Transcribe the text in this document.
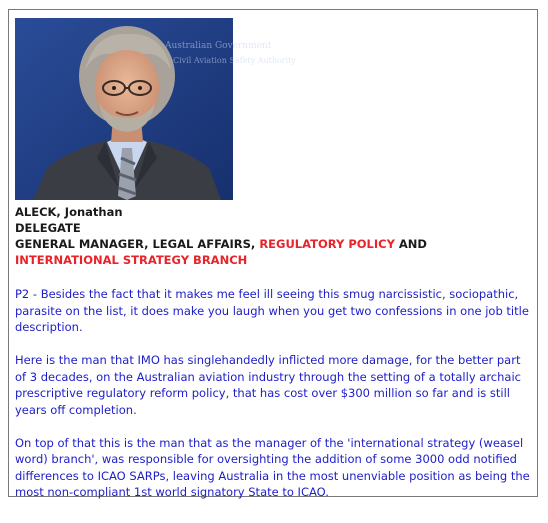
Australian Government
Civil Aviation Safety Authority
ALECK, Jonathan
DELEGATE
GENERAL MANAGER, LEGAL AFFAIRS, REGULATORY POLICY AND
INTERNATIONAL STRATEGY BRANCH

P2 - Besides the fact that it makes me feel ill seeing this smug narcissistic, sociopathic, parasite on the list, it does make you laugh when you get two confessions in one job title description.

Here is the man that IMO has singlehandedly inflicted more damage, for the better part of 3 decades, on the Australian aviation industry through the setting of a totally archaic prescriptive regulatory reform policy, that has cost over $300 million so far and is still years off completion.

On top of that this is the man that as the manager of the 'international strategy (weasel word) branch', was responsible for oversighting the addition of some 3000 odd notified differences to ICAO SARPs, leaving Australia in the most unenviable position as being the most non-compliant 1st world signatory State to ICAO.
